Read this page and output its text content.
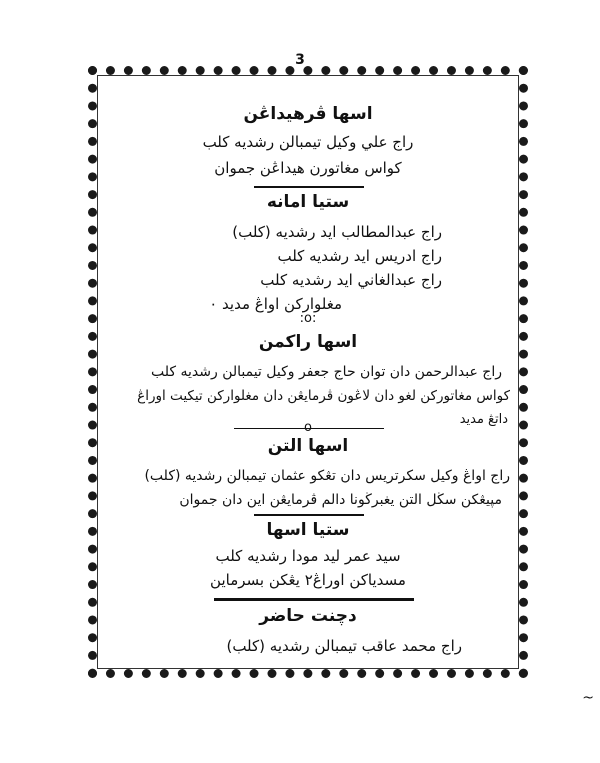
3
اسها ڤرهيداڠن
راج علي وكيل تيمبالن رشديه كلب
كواس مغاتورن هيداڠن جموان
ستيا امانه
راج عبدالمطالب ايد رشديه (كلب)
راج ادريس ايد رشديه كلب
راج عبدالغاني ايد رشديه كلب
مغلواركن اواڠ مديد ٠
:o:
اسها راكمن
راج عبدالرحمن دان توان حاج جعفر وكيل تيمبالن رشديه كلب
كواس مغاتوركن لغو دان لاڠون ڤرمايڠن دان مغلواركن تيكيت اوراڠ
داتڠ مديد
o
اسها التن
راج اواڠ وكيل سكرتريس دان تڠكو عثمان تيمبالن رشديه (كلب)
مڽيڠكن سڬل التن يغبرڬونا دالم ڤرمايڠن اين دان جموان
ستيا اسها
سيد عمر ليد مودا رشديه كلب
مسدياكن اوراڠ٢ يڠكن بسرماين
دچنت حاضر
راج محمد عاقب تيمبالن رشديه (كلب)
~
